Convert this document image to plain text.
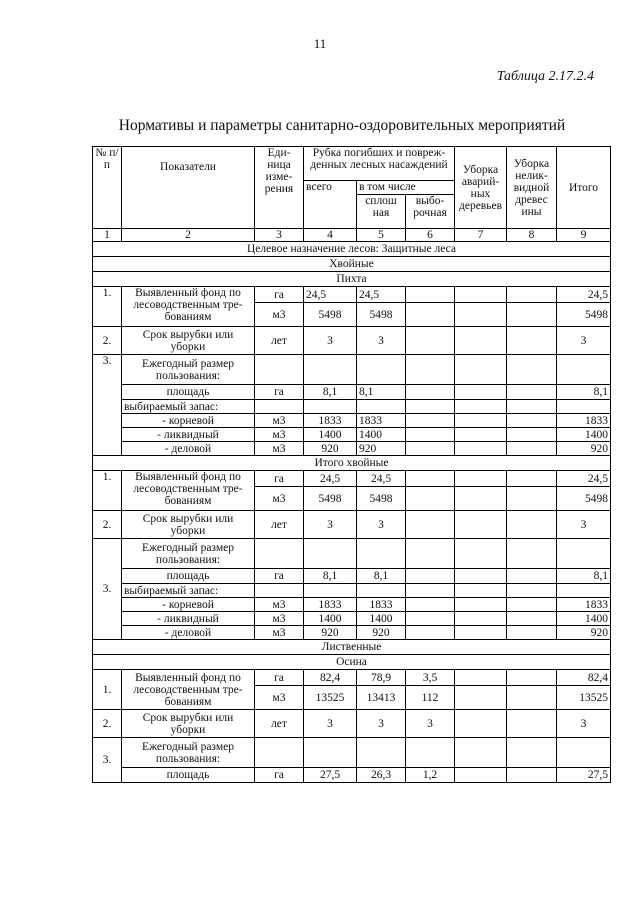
11
Таблица 2.17.2.4
Нормативы и параметры санитарно-оздоровительных мероприятий
№ п/п	Показатели	Еди-ница изме-рения	Рубка погибших и повреж-денных лесных насаждений			Уборка аварий-ных деревьев	Уборка нелик-видной древес ины	Итого
			всего	в том числе				
				сплош ная	выбо-рочная			
1	2	3	4	5	6	7	8	9
Целевое назначение лесов: Защитные леса								
Хвойные								
Пихта								
1.	Выявленный фонд по лесоводственным тре-бованиям	га	24,5	24,5				24,5
		м3	5498	5498				5498
2.	Срок вырубки или уборки	лет	3	3				3
3.	Ежегодный размер пользования:							
	площадь	га	8,1	8,1				8,1
	выбираемый запас:							
	- корневой	м3	1833	1833				1833
	- ликвидный	м3	1400	1400				1400
	- деловой	м3	920	920				920
Итого хвойные								
1.	Выявленный фонд по лесоводственным тре-бованиям	га	24,5	24,5				24,5
		м3	5498	5498				5498
2.	Срок вырубки или уборки	лет	3	3				3
3.	Ежегодный размер пользования:							
	площадь	га	8,1	8,1				8,1
	выбираемый запас:							
	- корневой	м3	1833	1833				1833
	- ликвидный	м3	1400	1400				1400
	- деловой	м3	920	920				920
Лиственные								
Осина								
1.	Выявленный фонд по лесоводственным тре-бованиям	га	82,4	78,9	3,5			82,4
		м3	13525	13413	112			13525
2.	Срок вырубки или уборки	лет	3	3	3			3
3.	Ежегодный размер пользования:							
	площадь	га	27,5	26,3	1,2			27,5
